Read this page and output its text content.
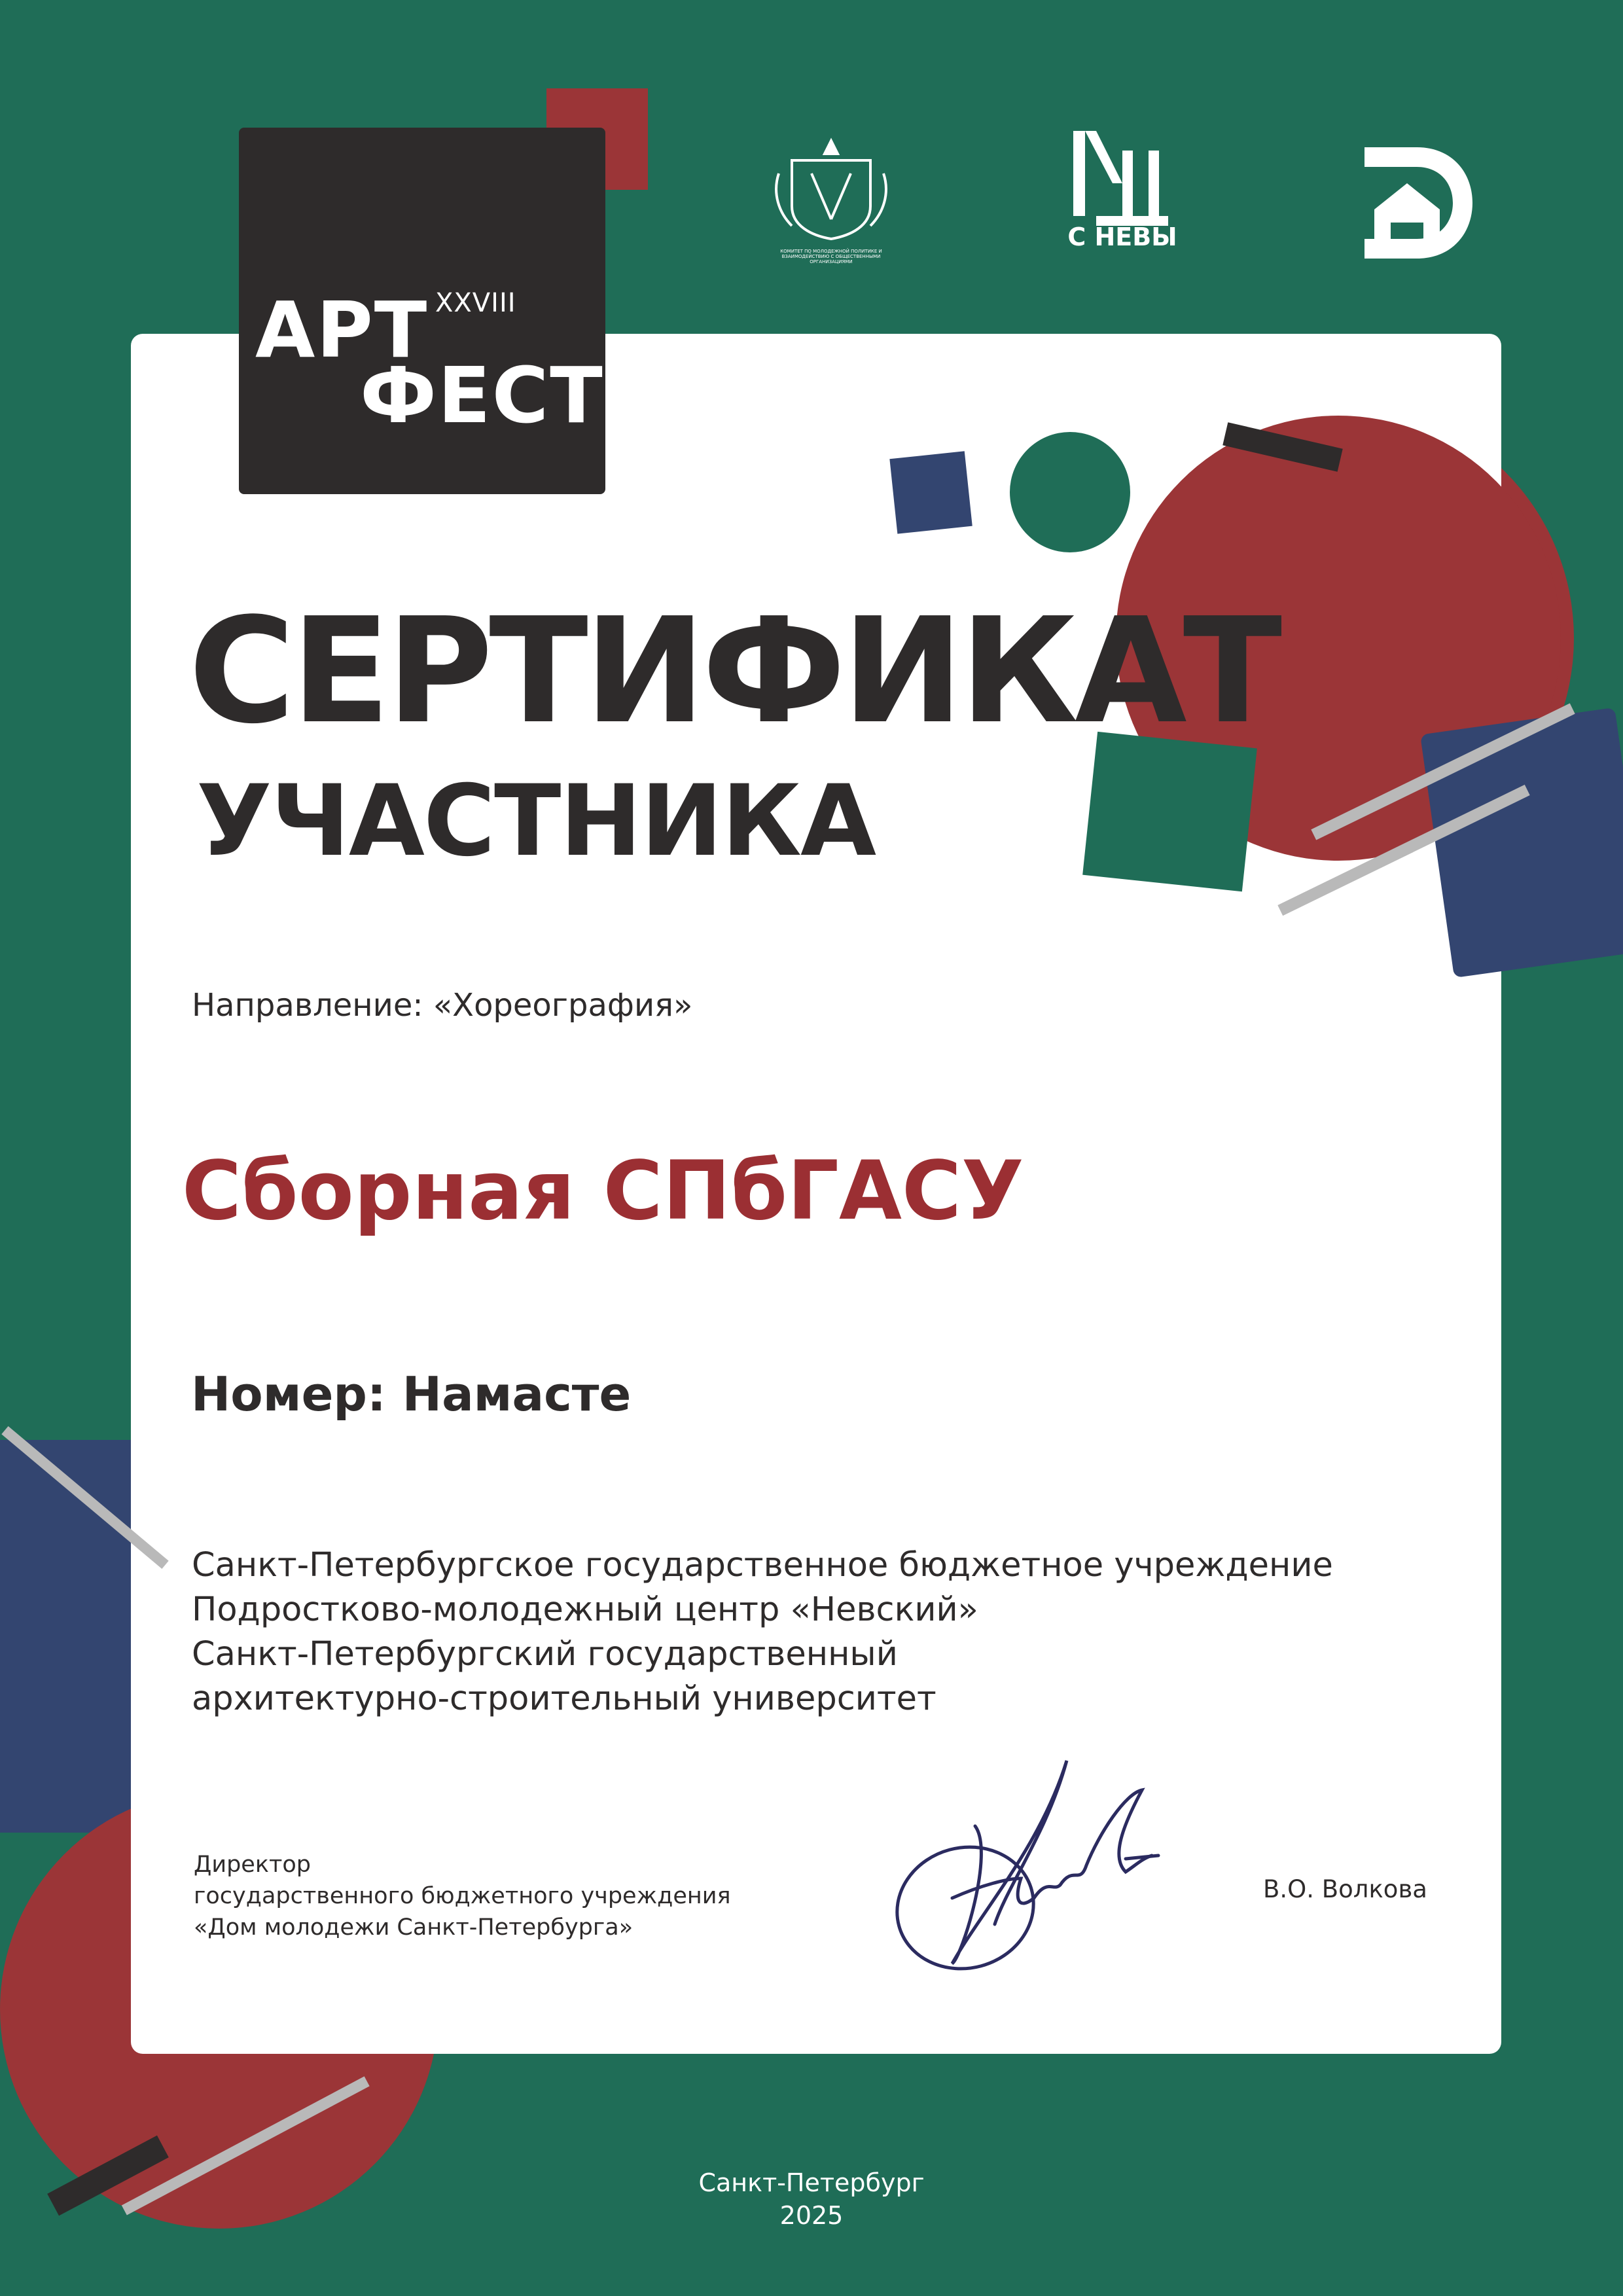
АРТ XXVIII
ФЕСТ
КОМИТЕТ ПО МОЛОДЕЖНОЙ ПОЛИТИКЕ И ВЗАИМОДЕЙСТВИЮ С ОБЩЕСТВЕННЫМИ ОРГАНИЗАЦИЯМИ
С НЕВЫ
СЕРТИФИКАТ
УЧАСТНИКА
Направление: «Хореография»
Сборная СПбГАСУ
Номер: Намасте
Санкт-Петербургское государственное бюджетное учреждение
Подростково-молодежный центр «Невский»
Санкт-Петербургский государственный
архитектурно-строительный университет
Директор
государственного бюджетного учреждения
«Дом молодежи Санкт-Петербурга»
В.О. Волкова
Санкт-Петербург
2025
